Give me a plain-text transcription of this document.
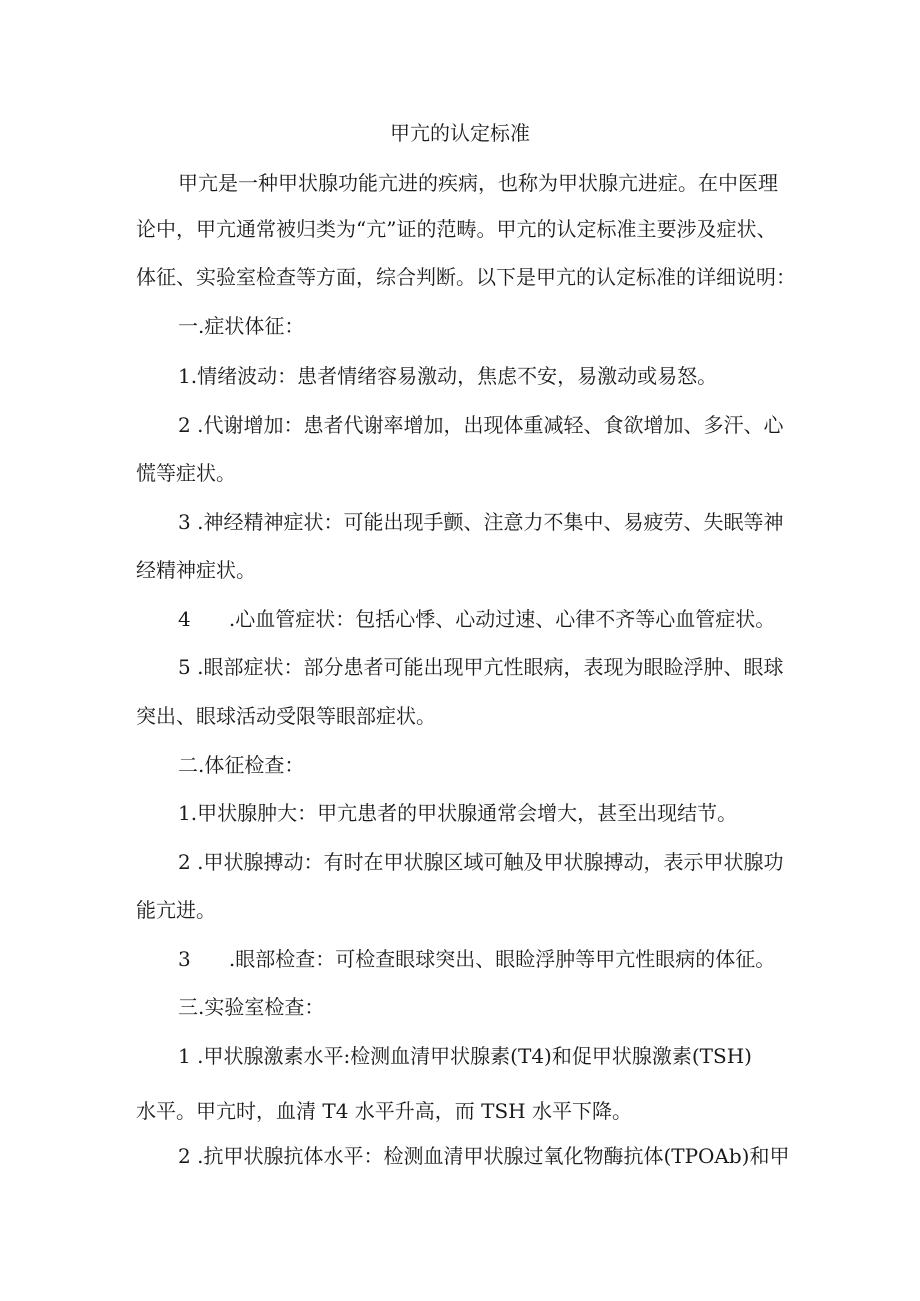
甲亢的认定标准

甲亢是一种甲状腺功能亢进的疾病，也称为甲状腺亢进症。在中医理

论中，甲亢通常被归类为“亢”证的范畴。甲亢的认定标准主要涉及症状、

体征、实验室检查等方面，综合判断。以下是甲亢的认定标准的详细说明：

一.症状体征：

1.情绪波动：患者情绪容易激动，焦虑不安，易激动或易怒。

2 .代谢增加：患者代谢率增加，出现体重减轻、食欲增加、多汗、心

慌等症状。

3 .神经精神症状：可能出现手颤、注意力不集中、易疲劳、失眠等神

经精神症状。

4      .心血管症状：包括心悸、心动过速、心律不齐等心血管症状。

5 .眼部症状：部分患者可能出现甲亢性眼病，表现为眼睑浮肿、眼球

突出、眼球活动受限等眼部症状。

二.体征检查：

1.甲状腺肿大：甲亢患者的甲状腺通常会增大，甚至出现结节。

2 .甲状腺搏动：有时在甲状腺区域可触及甲状腺搏动，表示甲状腺功

能亢进。

3      .眼部检查：可检查眼球突出、眼睑浮肿等甲亢性眼病的体征。

三.实验室检查：

1 .甲状腺激素水平:检测血清甲状腺素(T4)和促甲状腺激素(TSH)

水平。甲亢时，血清 T4 水平升高，而 TSH 水平下降。

2 .抗甲状腺抗体水平：检测血清甲状腺过氧化物酶抗体(TPOAb)和甲
